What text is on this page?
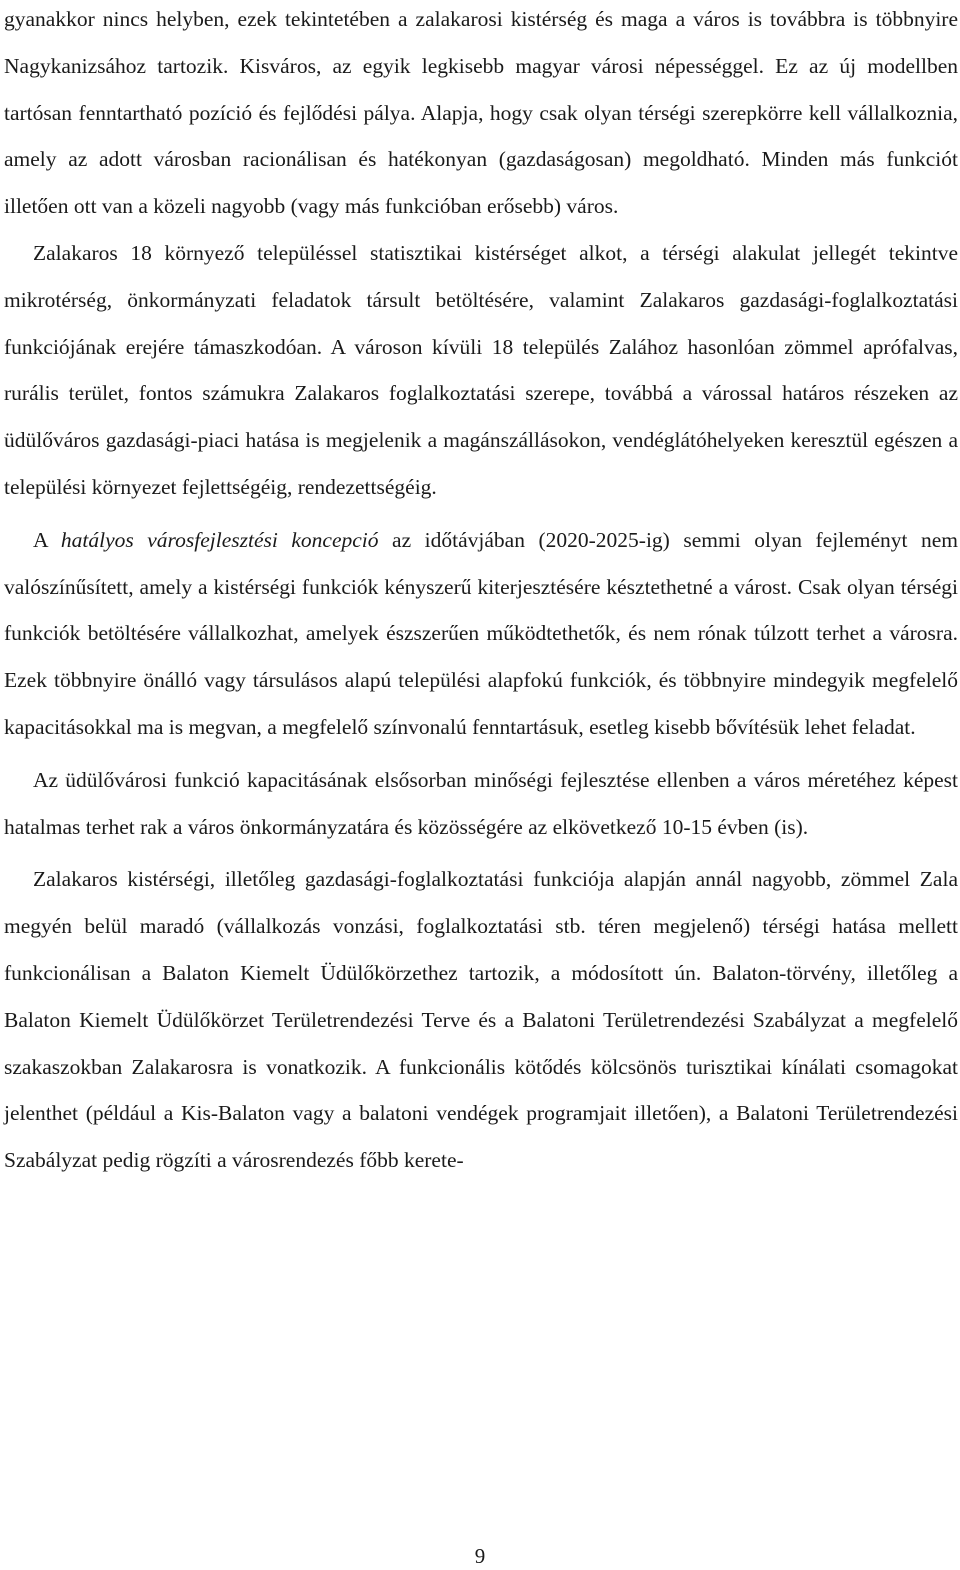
gyanakkor nincs helyben, ezek tekintetében a zalakarosi kistérség és maga a város is továbbra is többnyire Nagykanizsához tartozik. Kisváros, az egyik legkisebb magyar városi népességgel. Ez az új modellben tartósan fenntartható pozíció és fejlődési pálya. Alapja, hogy csak olyan térségi szerepkörre kell vállalkoznia, amely az adott városban racionálisan és hatékonyan (gazdaságosan) megoldható. Minden más funkciót illetően ott van a közeli nagyobb (vagy más funkcióban erősebb) város.

Zalakaros 18 környező településsel statisztikai kistérséget alkot, a térségi alakulat jellegét tekintve mikrotérség, önkormányzati feladatok társult betöltésére, valamint Zalakaros gazdasági-foglalkoztatási funkciójának erejére támaszkodóan. A városon kívüli 18 település Zalához hasonlóan zömmel aprófalvas, rurális terület, fontos számukra Zalakaros foglalkoztatási szerepe, továbbá a várossal határos részeken az üdülőváros gazdasági-piaci hatása is megjelenik a magánszállásokon, vendéglátóhelyeken keresztül egészen a települési környezet fejlettségéig, rendezettségéig.

A hatályos városfejlesztési koncepció az időtávjában (2020-2025-ig) semmi olyan fejleményt nem valószínűsített, amely a kistérségi funkciók kényszerű kiterjesztésére késztethetné a várost. Csak olyan térségi funkciók betöltésére vállalkozhat, amelyek észszerűen működtethetők, és nem rónak túlzott terhet a városra. Ezek többnyire önálló vagy társulásos alapú települési alapfokú funkciók, és többnyire mindegyik megfelelő kapacitásokkal ma is megvan, a megfelelő színvonalú fenntartásuk, esetleg kisebb bővítésük lehet feladat.

Az üdülővárosi funkció kapacitásának elsősorban minőségi fejlesztése ellenben a város méretéhez képest hatalmas terhet rak a város önkormányzatára és közösségére az elkövetkező 10-15 évben (is).

Zalakaros kistérségi, illetőleg gazdasági-foglalkoztatási funkciója alapján annál nagyobb, zömmel Zala megyén belül maradó (vállalkozás vonzási, foglalkoztatási stb. téren megjelenő) térségi hatása mellett funkcionálisan a Balaton Kiemelt Üdülőkörzethez tartozik, a módosított ún. Balaton-törvény, illetőleg a Balaton Kiemelt Üdülőkörzet Területrendezési Terve és a Balatoni Területrendezési Szabályzat a megfelelő szakaszokban Zalakarosra is vonatkozik. A funkcionális kötődés kölcsönös turisztikai kínálati csomagokat jelenthet (például a Kis-Balaton vagy a balatoni vendégek programjait illetően), a Balatoni Területrendezési Szabályzat pedig rögzíti a városrendezés főbb kerete-

9
